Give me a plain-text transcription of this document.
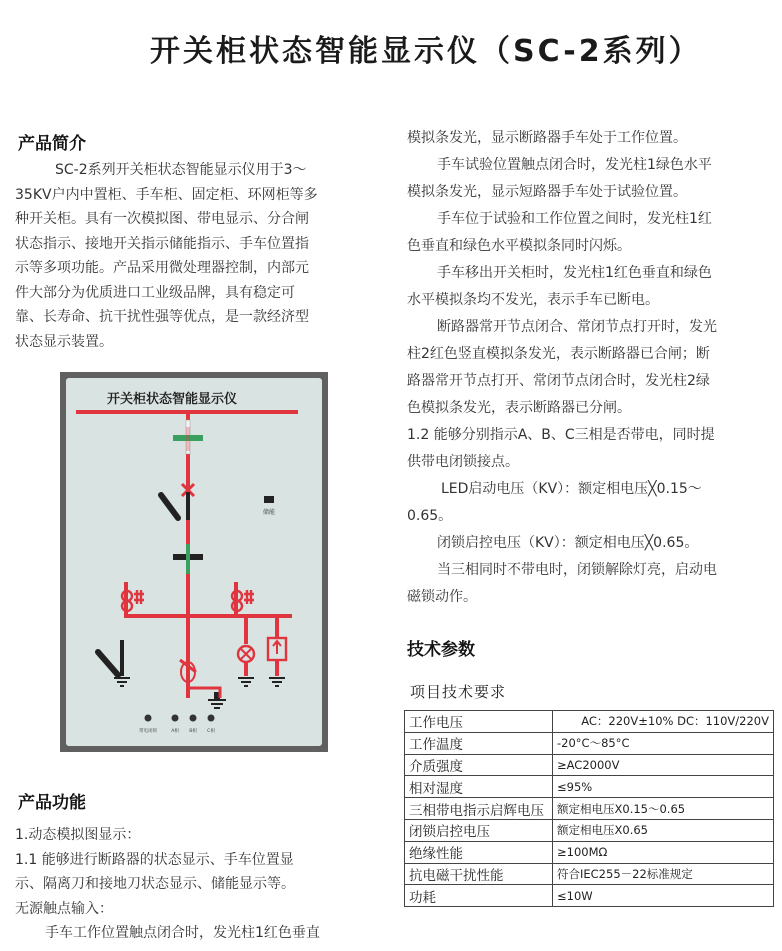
开关柜状态智能显示仪（SC-2系列）
产品简介
SC-2系列开关柜状态智能显示仪用于3～
35KV户内中置柜、手车柜、固定柜、环网柜等多
种开关柜。具有一次模拟图、带电显示、分合闸
状态指示、接地开关指示储能指示、手车位置指
示等多项功能。产品采用微处理器控制，内部元
件大部分为优质进口工业级品牌，具有稳定可
靠、长寿命、抗干扰性强等优点，是一款经济型
状态显示装置。
开关柜状态智能显示仪
储能
带电闭锁	A相 B相 C相
产品功能
1.动态模拟图显示：
1.1 能够进行断路器的状态显示、手车位置显
示、隔离刀和接地刀状态显示、储能显示等。
无源触点输入：
手车工作位置触点闭合时，发光柱1红色垂直
模拟条发光，显示断路器手车处于工作位置。
手车试验位置触点闭合时，发光柱1绿色水平
模拟条发光，显示短路器手车处于试验位置。
手车位于试验和工作位置之间时，发光柱1红
色垂直和绿色水平模拟条同时闪烁。
手车移出开关柜时，发光柱1红色垂直和绿色
水平模拟条均不发光，表示手车已断电。
断路器常开节点闭合、常闭节点打开时，发光
柱2红色竖直模拟条发光，表示断路器已合闸；断
路器常开节点打开、常闭节点闭合时，发光柱2绿
色模拟条发光，表示断路器已分闸。
1.2 能够分别指示A、B、C三相是否带电，同时提
供带电闭锁接点。
LED启动电压（KV）：额定相电压╳0.15～
0.65。
闭锁启控电压（KV）：额定相电压╳0.65。
当三相同时不带电时，闭锁解除灯亮，启动电
磁锁动作。
技术参数
项目技术要求
工作电压	AC：220V±10% DC：110V/220V
工作温度	-20°C～85°C
介质强度	≥AC2000V
相对湿度	≤95%
三相带电指示启辉电压	额定相电压X0.15～0.65
闭锁启控电压	额定相电压X0.65
绝缘性能	≥100MΩ
抗电磁干扰性能	符合IEC255－22标准规定
功耗	≤10W
